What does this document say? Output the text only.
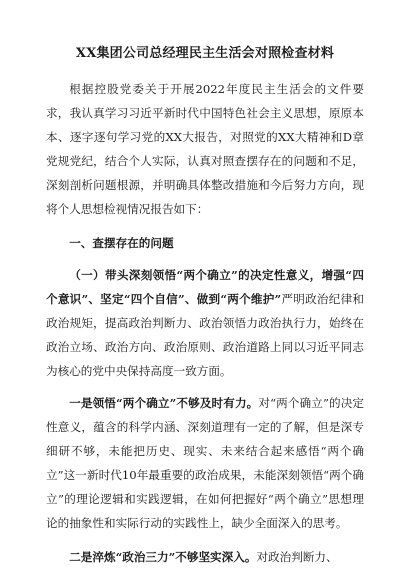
XX集团公司总经理民主生活会对照检查材料

根据控股党委关于开展2022年度民主生活会的文件要求，我认真学习习近平新时代中国特色社会主义思想，原原本本、逐字逐句学习党的XX大报告，对照党的XX大精神和D章党规党纪，结合个人实际，认真对照查摆存在的问题和不足，深刻剖析问题根源，并明确具体整改措施和今后努力方向，现将个人思想检视情况报告如下：

一、查摆存在的问题

（一）带头深刻领悟“两个确立”的决定性意义，增强“四个意识”、坚定“四个自信”、做到“两个维护”严明政治纪律和政治规矩，提高政治判断力、政治领悟力政治执行力，始终在政治立场、政治方向、政治原则、政治道路上同以习近平同志为核心的党中央保持高度一致方面。

一是领悟“两个确立”不够及时有力。对“两个确立”的决定性意义，蕴含的科学内涵、深刻道理有一定的了解，但是深专细研不够，未能把历史、现实、未来结合起来感悟“两个确立”这一新时代10年最重要的政治成果，未能深刻领悟“两个确立”的理论逻辑和实践逻辑，在如何把握好“两个确立”思想理论的抽象性和实际行动的实践性上，缺少全面深入的思考。

二是淬炼“政治三力”不够坚实深入。对政治判断力、
